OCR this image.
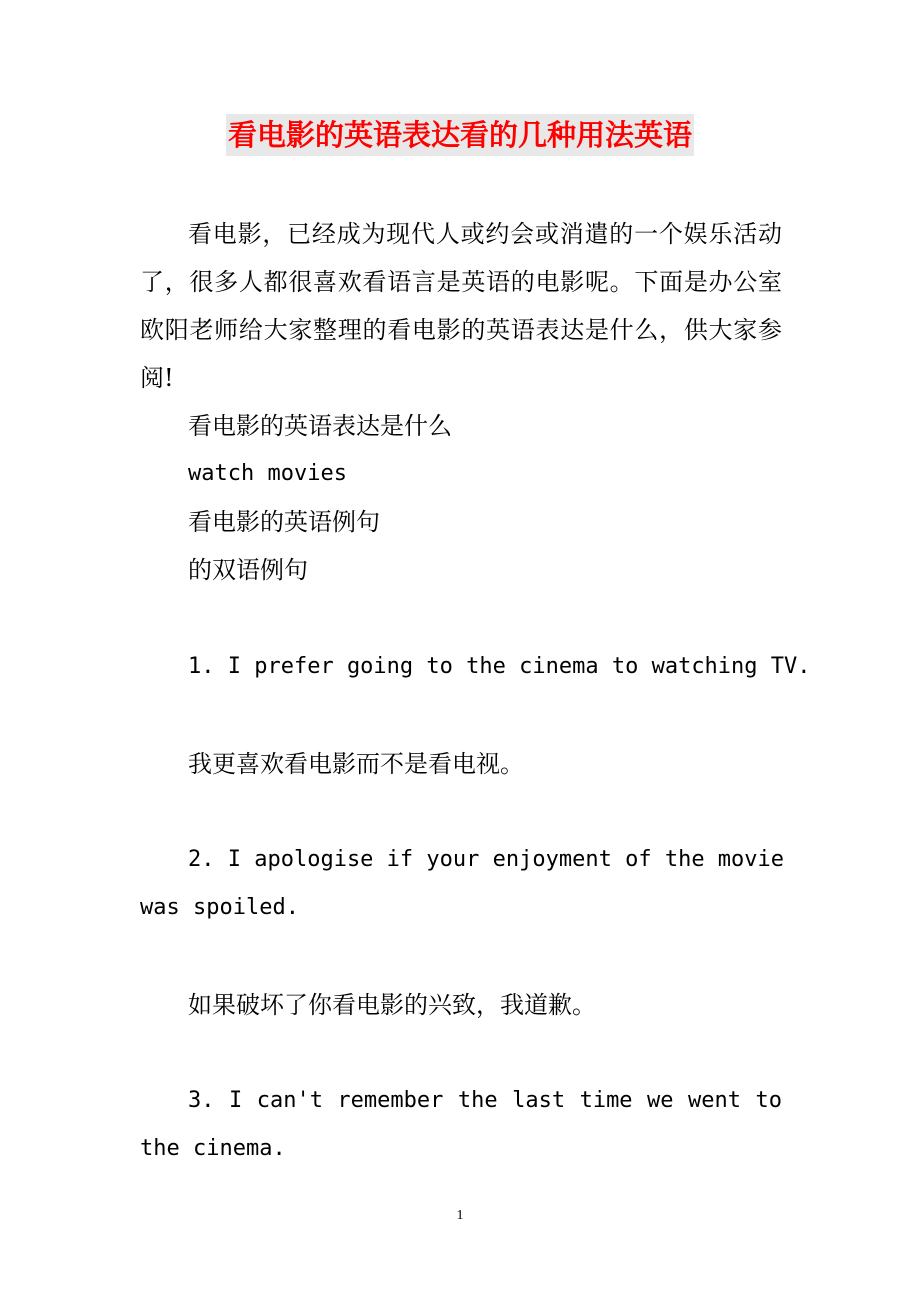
看电影的英语表达看的几种用法英语
看电影，已经成为现代人或约会或消遣的一个娱乐活动
了，很多人都很喜欢看语言是英语的电影呢。下面是办公室
欧阳老师给大家整理的看电影的英语表达是什么，供大家参
阅!
看电影的英语表达是什么
watch movies
看电影的英语例句
的双语例句
1. I prefer going to the cinema to watching TV.
我更喜欢看电影而不是看电视。
2. I apologise if your enjoyment of the movie
was spoiled.
如果破坏了你看电影的兴致，我道歉。
3. I can't remember the last time we went to
the cinema.
1
